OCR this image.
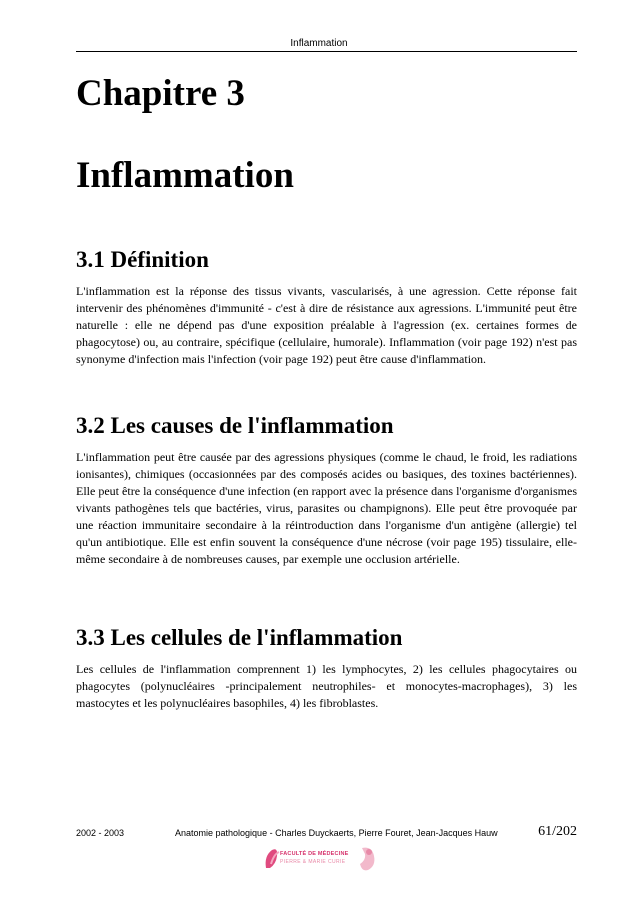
Inflammation
Chapitre 3
Inflammation
3.1 Définition

L'inflammation est la réponse des tissus vivants, vascularisés, à une agression. Cette réponse fait intervenir des phénomènes d'immunité - c'est à dire de résistance aux agressions. L'immunité peut être naturelle : elle ne dépend pas d'une exposition préalable à l'agression (ex. certaines formes de phagocytose) ou, au contraire, spécifique (cellulaire, humorale). Inflammation (voir page 192) n'est pas synonyme d'infection mais l'infection (voir page 192) peut être cause d'inflammation.

3.2 Les causes de l'inflammation

L'inflammation peut être causée par des agressions physiques (comme le chaud, le froid, les radiations ionisantes), chimiques (occasionnées par des composés acides ou basiques, des toxines bactériennes). Elle peut être la conséquence d'une infection (en rapport avec la présence dans l'organisme d'organismes vivants pathogènes tels que bactéries, virus, parasites ou champignons). Elle peut être provoquée par une réaction immunitaire secondaire à la réintroduction dans l'organisme d'un antigène (allergie) tel qu'un antibiotique. Elle est enfin souvent la conséquence d'une nécrose (voir page 195) tissulaire, elle-même secondaire à de nombreuses causes, par exemple une occlusion artérielle.

3.3 Les cellules de l'inflammation

Les cellules de l'inflammation comprennent 1) les lymphocytes, 2) les cellules phagocytaires ou phagocytes (polynucléaires -principalement neutrophiles- et monocytes-macrophages), 3) les mastocytes et les polynucléaires basophiles, 4) les fibroblastes.

2002 - 2003	Anatomie pathologique - Charles Duyckaerts, Pierre Fouret, Jean-Jacques Hauw	61/202
FACULTÉ DE MÉDECINE
PIERRE & MARIE CURIE
